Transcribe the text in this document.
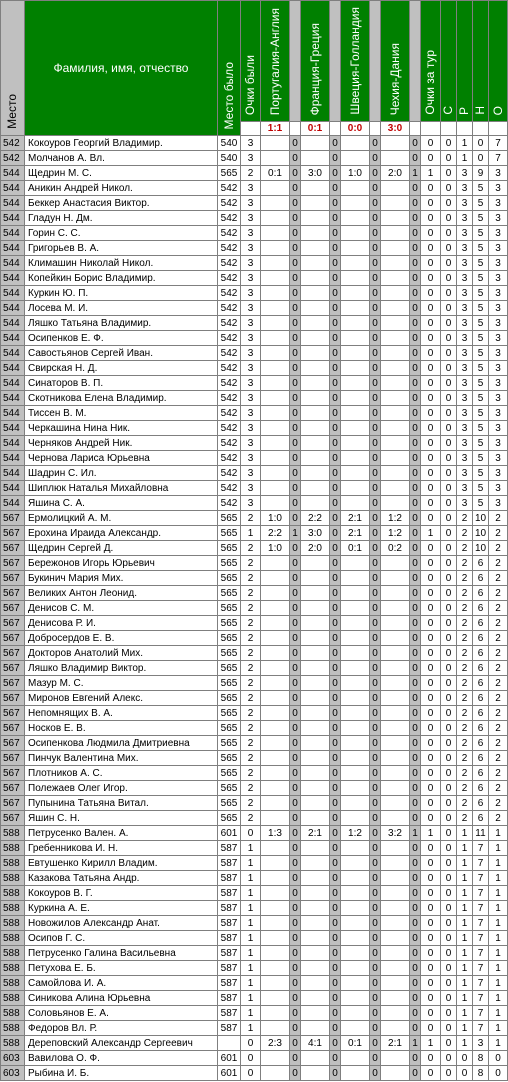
Место	Фамилия, имя, отчество	Место было	Очки были	Португалия-Англия		Франция-Греция		Швеция-Голландия		Чехия-Дания		Очки за тур	С	Р	Н	О
				1:1		0:1		0:0		3:0						
542	Кокоуров Георгий Владимир.	540	3		0		0		0		0	0	0	1	0	7
542	Молчанов А. Вл.	540	3		0		0		0		0	0	0	1	0	7
544	Щедрин М. С.	565	2	0:1	0	3:0	0	1:0	0	2:0	1	1	0	3	9	3
544	Аникин Андрей Никол.	542	3		0		0		0		0	0	0	3	5	3
544	Беккер Анастасия Виктор.	542	3		0		0		0		0	0	0	3	5	3
544	Гладун Н. Дм.	542	3		0		0		0		0	0	0	3	5	3
544	Горин С. С.	542	3		0		0		0		0	0	0	3	5	3
544	Григорьев В. А.	542	3		0		0		0		0	0	0	3	5	3
544	Климашин Николай Никол.	542	3		0		0		0		0	0	0	3	5	3
544	Копейкин Борис Владимир.	542	3		0		0		0		0	0	0	3	5	3
544	Куркин Ю. П.	542	3		0		0		0		0	0	0	3	5	3
544	Лосева М. И.	542	3		0		0		0		0	0	0	3	5	3
544	Ляшко Татьяна Владимир.	542	3		0		0		0		0	0	0	3	5	3
544	Осипенков Е. Ф.	542	3		0		0		0		0	0	0	3	5	3
544	Савостьянов Сергей Иван.	542	3		0		0		0		0	0	0	3	5	3
544	Свирская Н. Д.	542	3		0		0		0		0	0	0	3	5	3
544	Синаторов В. П.	542	3		0		0		0		0	0	0	3	5	3
544	Скотникова Елена Владимир.	542	3		0		0		0		0	0	0	3	5	3
544	Тиссен В. М.	542	3		0		0		0		0	0	0	3	5	3
544	Черкашина Нина Ник.	542	3		0		0		0		0	0	0	3	5	3
544	Черняков Андрей Ник.	542	3		0		0		0		0	0	0	3	5	3
544	Чернова Лариса Юрьевна	542	3		0		0		0		0	0	0	3	5	3
544	Шадрин С. Ил.	542	3		0		0		0		0	0	0	3	5	3
544	Шиплюк Наталья Михайловна	542	3		0		0		0		0	0	0	3	5	3
544	Яшина С. А.	542	3		0		0		0		0	0	0	3	5	3
567	Ермолицкий А. М.	565	2	1:0	0	2:2	0	2:1	0	1:2	0	0	0	2	10	2
567	Ерохина Ираида Александр.	565	1	2:2	1	3:0	0	2:1	0	1:2	0	1	0	2	10	2
567	Щедрин Сергей Д.	565	2	1:0	0	2:0	0	0:1	0	0:2	0	0	0	2	10	2
567	Бережонов Игорь Юрьевич	565	2		0		0		0		0	0	0	2	6	2
567	Букинич Мария Мих.	565	2		0		0		0		0	0	0	2	6	2
567	Великих Антон Леонид.	565	2		0		0		0		0	0	0	2	6	2
567	Денисов С. М.	565	2		0		0		0		0	0	0	2	6	2
567	Денисова Р. И.	565	2		0		0		0		0	0	0	2	6	2
567	Добросердов Е. В.	565	2		0		0		0		0	0	0	2	6	2
567	Докторов Анатолий Мих.	565	2		0		0		0		0	0	0	2	6	2
567	Ляшко Владимир Виктор.	565	2		0		0		0		0	0	0	2	6	2
567	Мазур М. С.	565	2		0		0		0		0	0	0	2	6	2
567	Миронов Евгений Алекс.	565	2		0		0		0		0	0	0	2	6	2
567	Непомнящих В. А.	565	2		0		0		0		0	0	0	2	6	2
567	Носков Е. В.	565	2		0		0		0		0	0	0	2	6	2
567	Осипенкова Людмила Дмитриевна	565	2		0		0		0		0	0	0	2	6	2
567	Пинчук Валентина Мих.	565	2		0		0		0		0	0	0	2	6	2
567	Плотников А. С.	565	2		0		0		0		0	0	0	2	6	2
567	Полежаев Олег Игор.	565	2		0		0		0		0	0	0	2	6	2
567	Пупынина Татьяна Витал.	565	2		0		0		0		0	0	0	2	6	2
567	Яшин С. Н.	565	2		0		0		0		0	0	0	2	6	2
588	Петрусенко Вален. А.	601	0	1:3	0	2:1	0	1:2	0	3:2	1	1	0	1	11	1
588	Гребенникова И. Н.	587	1		0		0		0		0	0	0	1	7	1
588	Евтушенко Кирилл Владим.	587	1		0		0		0		0	0	0	1	7	1
588	Казакова Татьяна Андр.	587	1		0		0		0		0	0	0	1	7	1
588	Кокоуров В. Г.	587	1		0		0		0		0	0	0	1	7	1
588	Куркина А. Е.	587	1		0		0		0		0	0	0	1	7	1
588	Новожилов Александр Анат.	587	1		0		0		0		0	0	0	1	7	1
588	Осипов Г. С.	587	1		0		0		0		0	0	0	1	7	1
588	Петрусенко Галина Васильевна	587	1		0		0		0		0	0	0	1	7	1
588	Петухова Е. Б.	587	1		0		0		0		0	0	0	1	7	1
588	Самойлова И. А.	587	1		0		0		0		0	0	0	1	7	1
588	Синикова Алина Юрьевна	587	1		0		0		0		0	0	0	1	7	1
588	Соловьянов Е. А.	587	1		0		0		0		0	0	0	1	7	1
588	Федоров Вл. Р.	587	1		0		0		0		0	0	0	1	7	1
588	Дереповский Александр Сергеевич		0	2:3	0	4:1	0	0:1	0	2:1	1	1	0	1	3	1
603	Вавилова О. Ф.	601	0		0		0		0		0	0	0	0	8	0
603	Рыбина И. Б.	601	0		0		0		0		0	0	0	0	8	0
